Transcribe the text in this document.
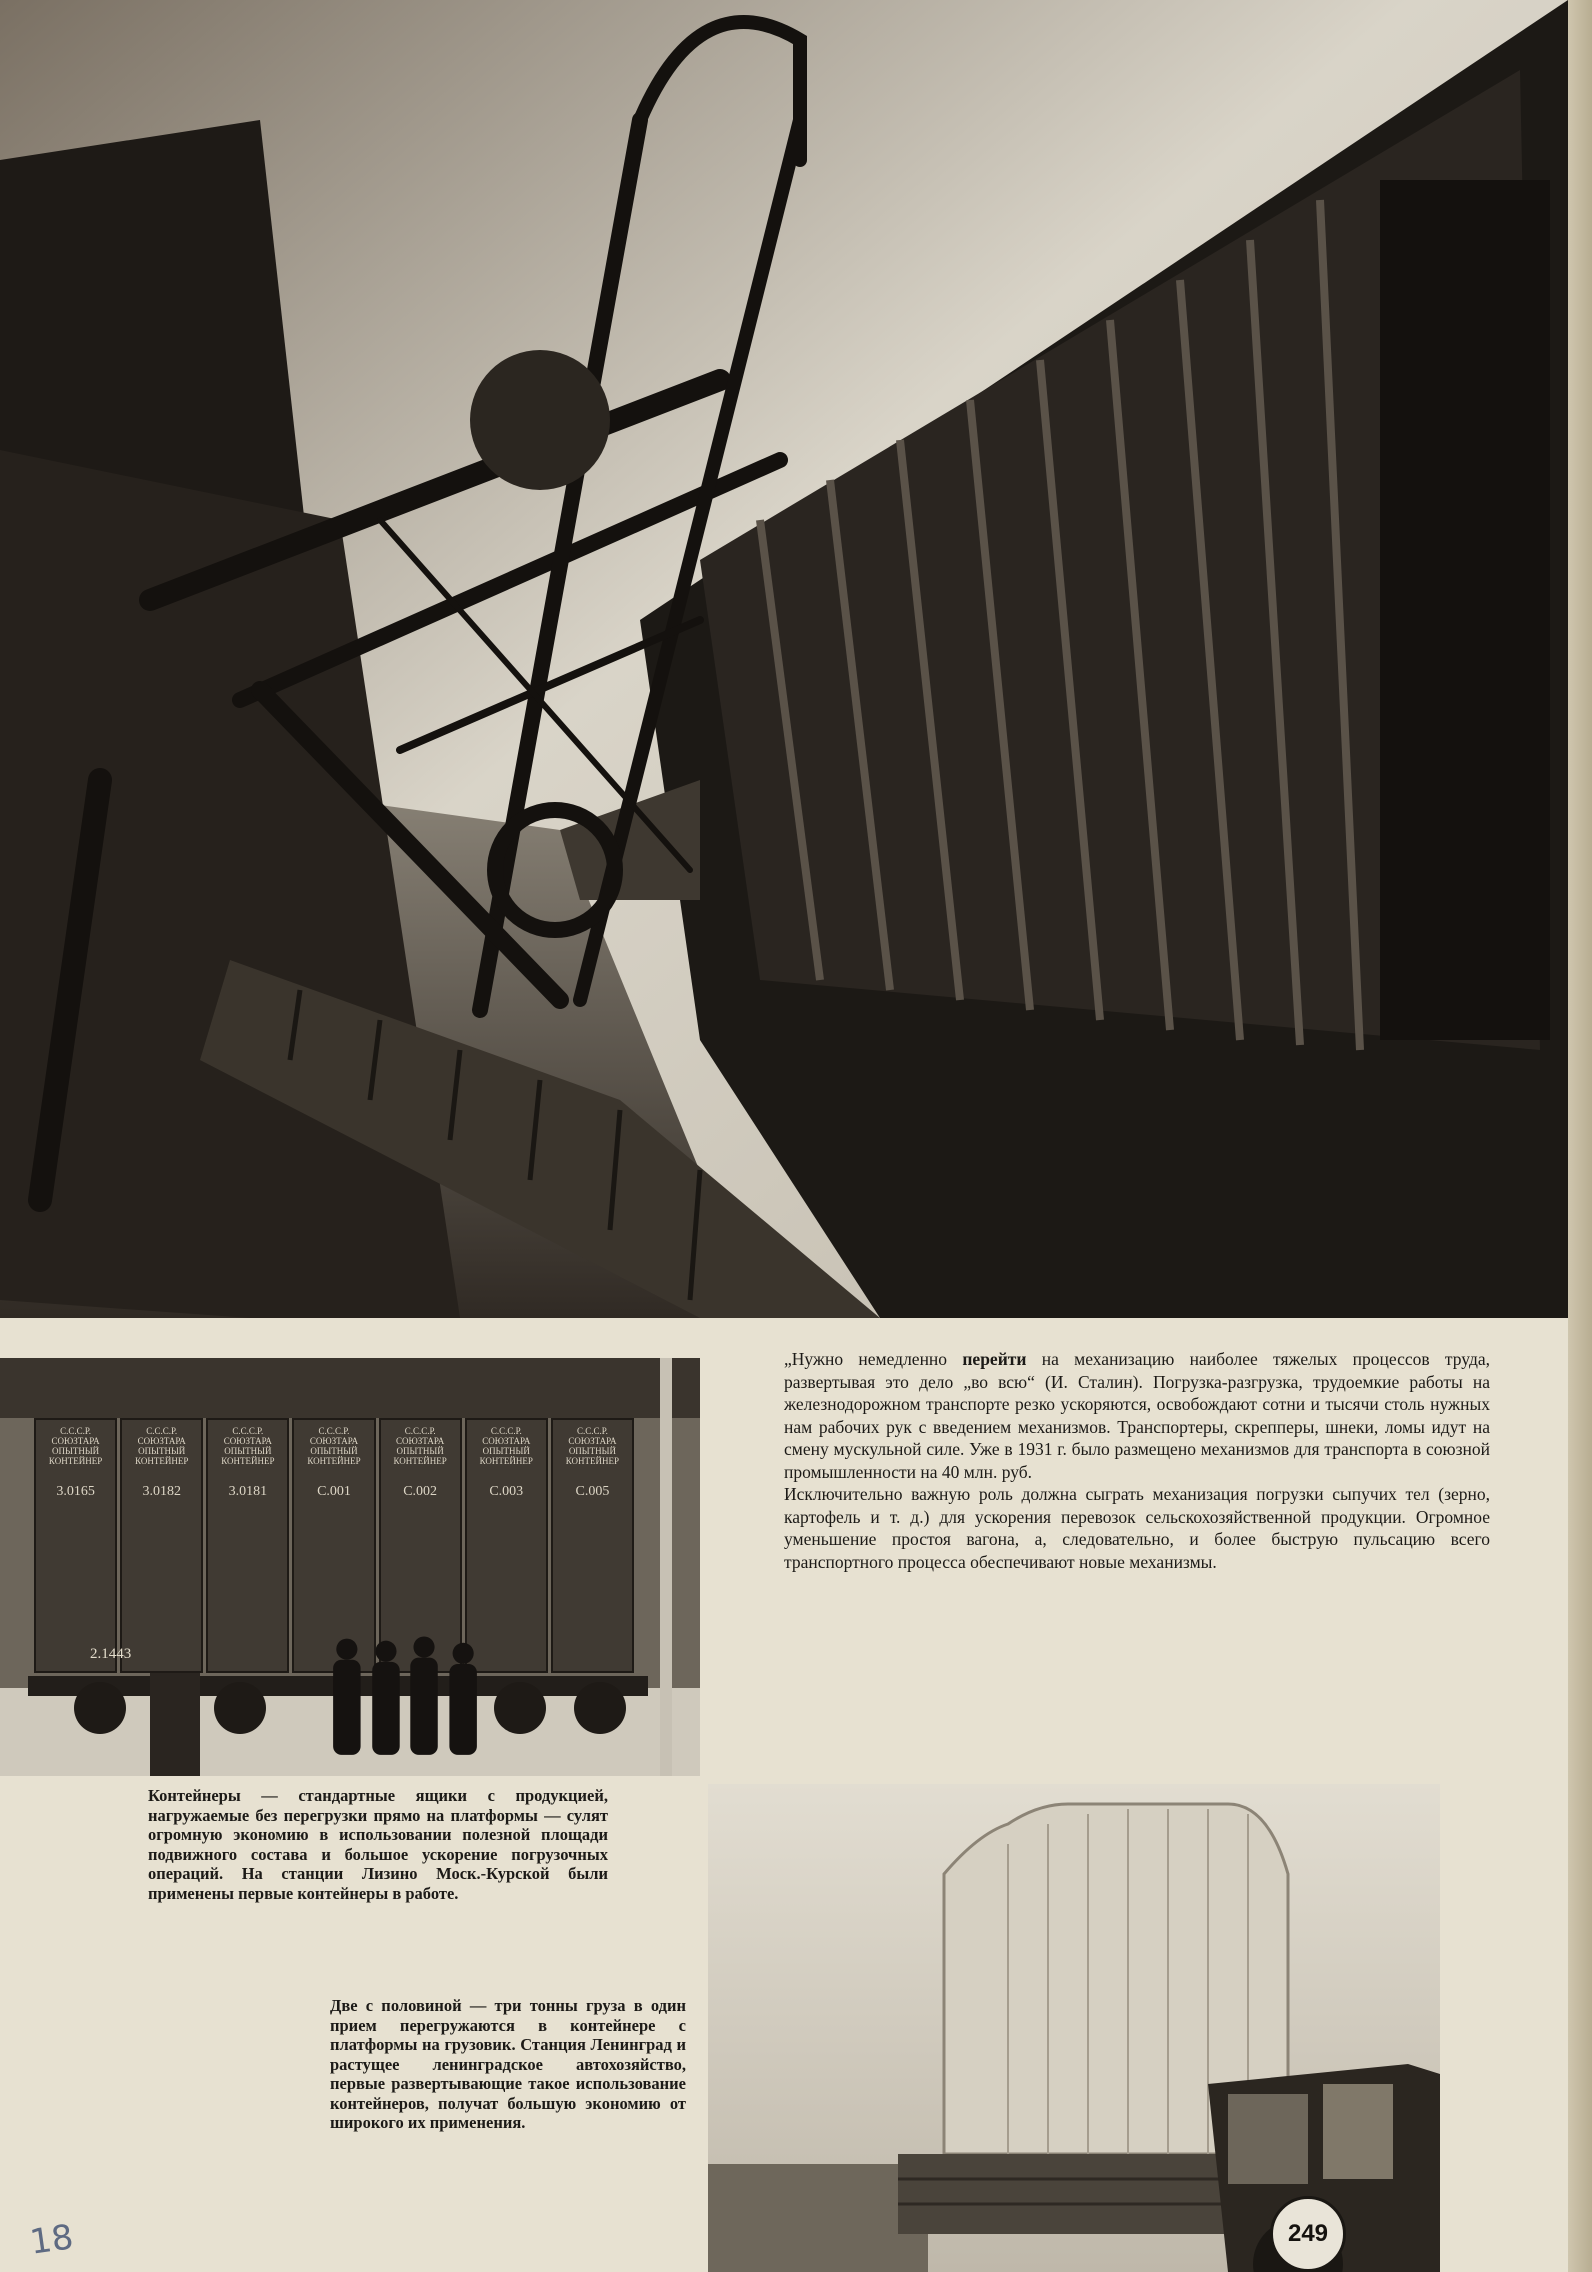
С.С.С.Р. СОЮЗТАРА ОПЫТНЫЙ КОНТЕЙНЕР
3.0165
С.С.С.Р. СОЮЗТАРА ОПЫТНЫЙ КОНТЕЙНЕР
3.0182
С.С.С.Р. СОЮЗТАРА ОПЫТНЫЙ КОНТЕЙНЕР
3.0181
С.С.С.Р. СОЮЗТАРА ОПЫТНЫЙ КОНТЕЙНЕР
С.001
С.С.С.Р. СОЮЗТАРА ОПЫТНЫЙ КОНТЕЙНЕР
С.002
С.С.С.Р. СОЮЗТАРА ОПЫТНЫЙ КОНТЕЙНЕР
С.003
С.С.С.Р. СОЮЗТАРА ОПЫТНЫЙ КОНТЕЙНЕР
С.005
2.1443

„Нужно немедленно перейти на механизацию наиболее тяжелых процессов труда, развертывая это дело „во всю“ (И. Сталин). Погрузка-разгрузка, трудоемкие работы на железнодорожном транспорте резко ускоряются, освобождают сотни и тысячи столь нужных нам рабочих рук с введением механизмов. Транспортеры, скрепперы, шнеки, ломы идут на смену мускульной силе. Уже в 1931 г. было размещено механизмов для транспорта в союзной промышленности на 40 млн. руб.

Исключительно важную роль должна сыграть механизация погрузки сыпучих тел (зерно, картофель и т. д.) для ускорения перевозок сельскохозяйственной продукции. Огромное уменьшение простоя вагона, а, следовательно, и более быструю пульсацию всего транспортного процесса обеспечивают новые механизмы.

Контейнеры — стандартные ящики с продукцией, нагружаемые без перегрузки прямо на платформы — сулят огромную экономию в использовании полезной площади подвижного состава и большое ускорение погрузочных операций. На станции Лизино Моск.-Курской были применены первые контейнеры в работе.
Две с половиной — три тонны груза в один прием перегружаются в контейнере с платформы на грузовик. Станция Ленинград и растущее ленинградское автохозяйство, первые развертывающие такое использование контейнеров, получат большую экономию от широкого их применения.
249
18
